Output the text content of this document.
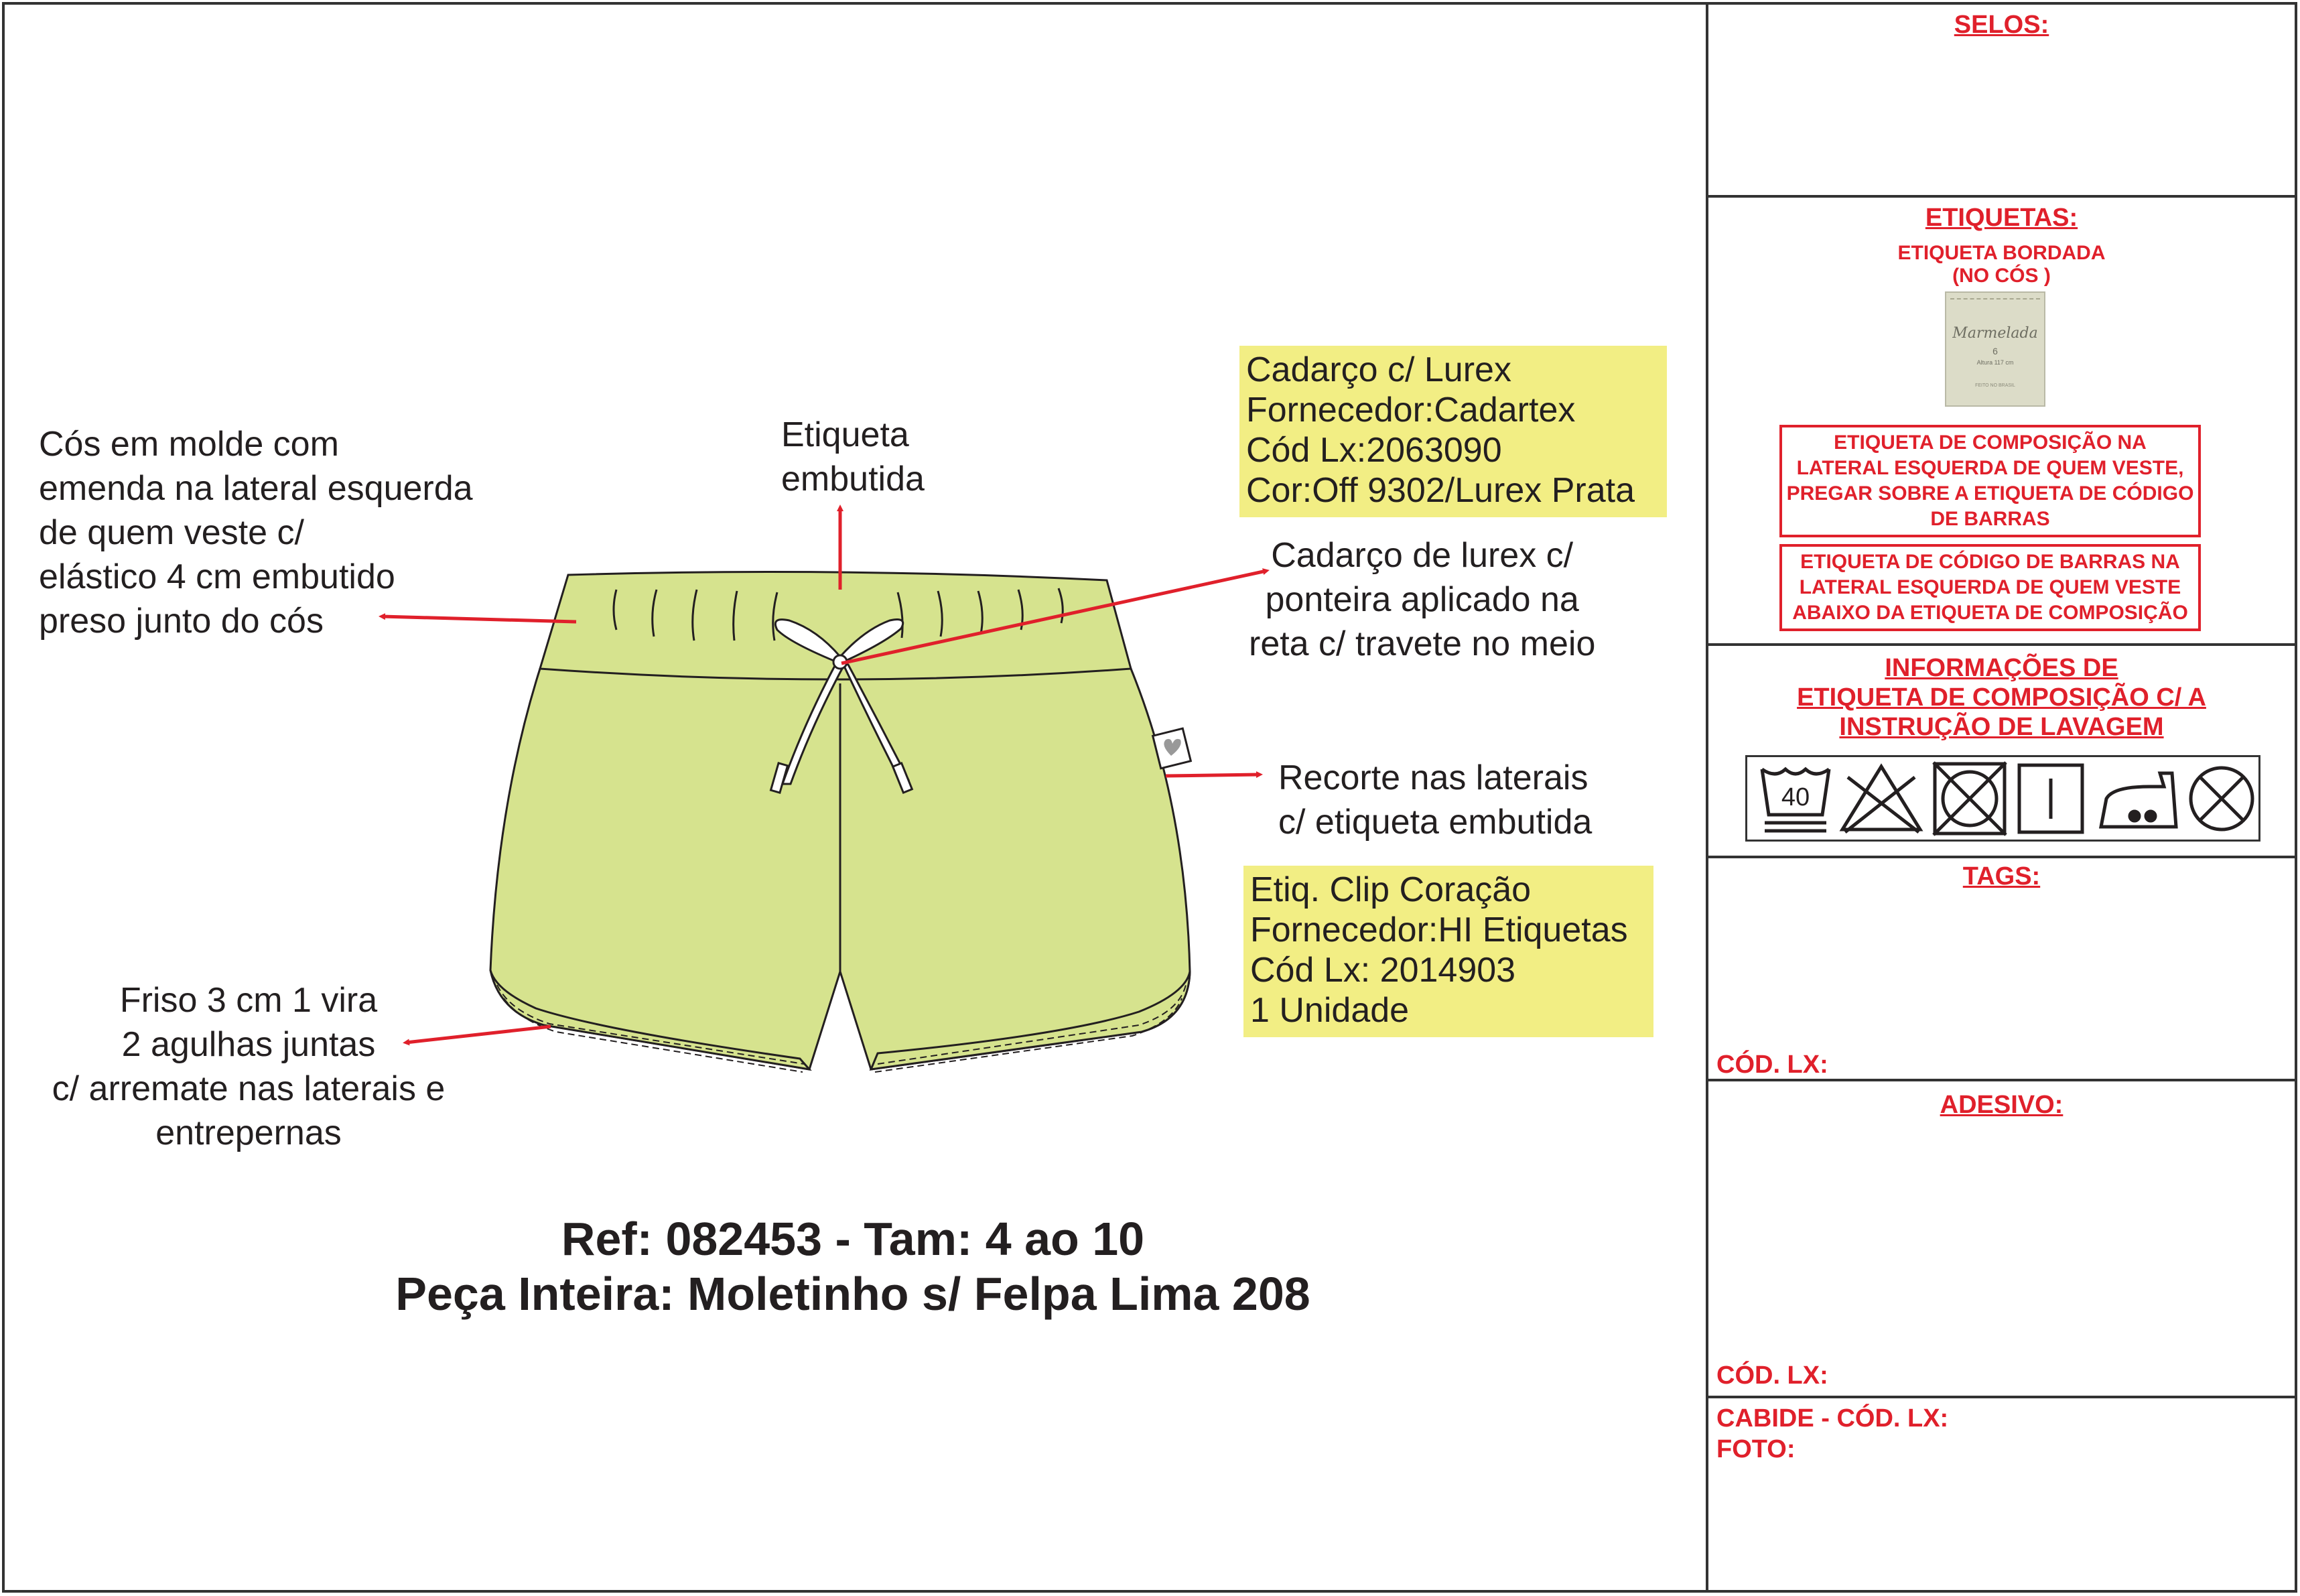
SELOS:
ETIQUETAS:
ETIQUETA BORDADA
(NO CÓS )
Marmelada
6
Altura 117 cm
FEITO NO BRASIL
ETIQUETA DE COMPOSIÇÃO NA LATERAL ESQUERDA DE QUEM VESTE, PREGAR SOBRE A ETIQUETA DE CÓDIGO DE BARRAS
ETIQUETA DE CÓDIGO DE BARRAS NA LATERAL ESQUERDA DE QUEM VESTE ABAIXO DA ETIQUETA DE COMPOSIÇÃO
INFORMAÇÕES DE
ETIQUETA DE COMPOSIÇÃO C/ A
INSTRUÇÃO DE LAVAGEM
40
TAGS:
CÓD. LX:
ADESIVO:
CÓD. LX:
CABIDE - CÓD. LX:
FOTO:
Cós em molde com
emenda na lateral esquerda
de quem veste c/
elástico 4 cm embutido
preso junto do cós
Etiqueta
embutida
Cadarço de lurex c/
ponteira aplicado na
reta c/ travete no meio
Recorte nas laterais
c/ etiqueta embutida
Friso 3 cm 1 vira
2 agulhas juntas
c/ arremate nas laterais e
entrepernas
Cadarço c/ Lurex
Fornecedor:Cadartex
Cód Lx:2063090
Cor:Off 9302/Lurex Prata
Etiq. Clip Coração
Fornecedor:HI Etiquetas
Cód Lx: 2014903
1 Unidade
Ref: 082453 - Tam: 4 ao 10
Peça Inteira: Moletinho s/ Felpa Lima 208
